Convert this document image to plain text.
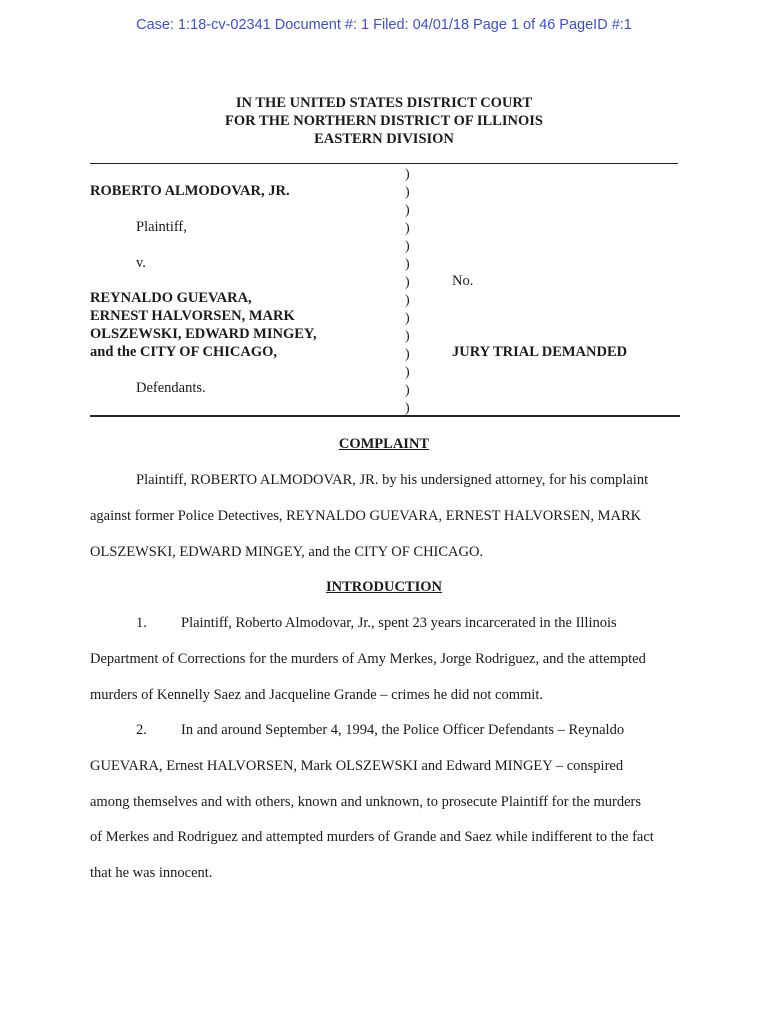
Case: 1:18-cv-02341 Document #: 1 Filed: 04/01/18 Page 1 of 46 PageID #:1
IN THE UNITED STATES DISTRICT COURT
FOR THE NORTHERN DISTRICT OF ILLINOIS
EASTERN DIVISION
ROBERTO ALMODOVAR, JR.
Plaintiff,
v.
REYNALDO GUEVARA,
ERNEST HALVORSEN, MARK
OLSZEWSKI, EDWARD MINGEY,
and the CITY OF CHICAGO,
Defendants.
)
)
)
)
)
)
)
)
)
)
)
)
)
)
No.
JURY TRIAL DEMANDED
COMPLAINT
Plaintiff, ROBERTO ALMODOVAR, JR. by his undersigned attorney, for his complaint
against former Police Detectives, REYNALDO GUEVARA, ERNEST HALVORSEN, MARK
OLSZEWSKI, EDWARD MINGEY, and the CITY OF CHICAGO.
INTRODUCTION
1. Plaintiff, Roberto Almodovar, Jr., spent 23 years incarcerated in the Illinois
Department of Corrections for the murders of Amy Merkes, Jorge Rodriguez, and the attempted
murders of Kennelly Saez and Jacqueline Grande – crimes he did not commit.
2. In and around September 4, 1994, the Police Officer Defendants – Reynaldo
GUEVARA, Ernest HALVORSEN, Mark OLSZEWSKI and Edward MINGEY – conspired
among themselves and with others, known and unknown, to prosecute Plaintiff for the murders
of Merkes and Rodriguez and attempted murders of Grande and Saez while indifferent to the fact
that he was innocent.
